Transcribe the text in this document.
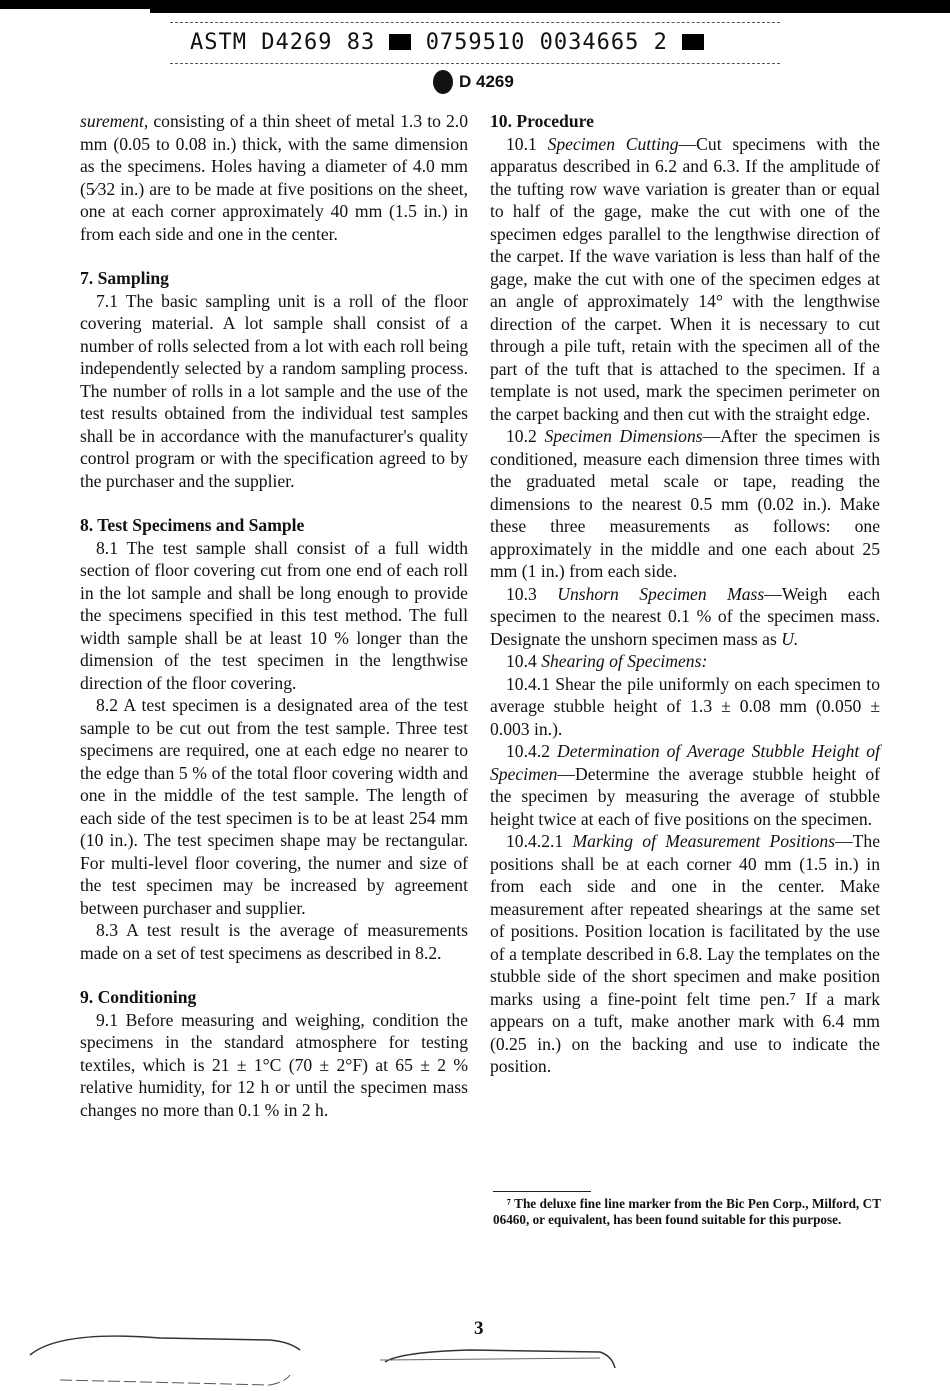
ASTM D4269 83 0759510 0034665 2
D 4269

surement, consisting of a thin sheet of metal 1.3 to 2.0 mm (0.05 to 0.08 in.) thick, with the same dimension as the specimens. Holes having a diameter of 4.0 mm (5⁄32 in.) are to be made at five positions on the sheet, one at each corner approximately 40 mm (1.5 in.) in from each side and one in the center.

7. Sampling

7.1 The basic sampling unit is a roll of the floor covering material. A lot sample shall consist of a number of rolls selected from a lot with each roll being independently selected by a random sampling process. The number of rolls in a lot sample and the use of the test results obtained from the individual test samples shall be in accordance with the manufacturer's quality control program or with the specification agreed to by the purchaser and the supplier.

8. Test Specimens and Sample

8.1 The test sample shall consist of a full width section of floor covering cut from one end of each roll in the lot sample and shall be long enough to provide the specimens specified in this test method. The full width sample shall be at least 10 % longer than the dimension of the test specimen in the lengthwise direction of the floor covering.

8.2 A test specimen is a designated area of the test sample to be cut out from the test sample. Three test specimens are required, one at each edge no nearer to the edge than 5 % of the total floor covering width and one in the middle of the test sample. The length of each side of the test specimen is to be at least 254 mm (10 in.). The test specimen shape may be rectangular. For multi-level floor covering, the numer and size of the test specimen may be increased by agreement between purchaser and supplier.

8.3 A test result is the average of measurements made on a set of test specimens as described in 8.2.

9. Conditioning

9.1 Before measuring and weighing, condition the specimens in the standard atmosphere for testing textiles, which is 21 ± 1°C (70 ± 2°F) at 65 ± 2 % relative humidity, for 12 h or until the specimen mass changes no more than 0.1 % in 2 h.

10. Procedure

10.1 Specimen Cutting—Cut specimens with the apparatus described in 6.2 and 6.3. If the amplitude of the tufting row wave variation is greater than or equal to half of the gage, make the cut with one of the specimen edges parallel to the lengthwise direction of the carpet. If the wave variation is less than half of the gage, make the cut with one of the specimen edges at an angle of approximately 14° with the lengthwise direction of the carpet. When it is necessary to cut through a pile tuft, retain with the specimen all of the part of the tuft that is attached to the specimen. If a template is not used, mark the specimen perimeter on the carpet backing and then cut with the straight edge.

10.2 Specimen Dimensions—After the specimen is conditioned, measure each dimension three times with the graduated metal scale or tape, reading the dimensions to the nearest 0.5 mm (0.02 in.). Make these three measurements as follows: one approximately in the middle and one each about 25 mm (1 in.) from each side.

10.3 Unshorn Specimen Mass—Weigh each specimen to the nearest 0.1 % of the specimen mass. Designate the unshorn specimen mass as U.

10.4 Shearing of Specimens:

10.4.1 Shear the pile uniformly on each specimen to average stubble height of 1.3 ± 0.08 mm (0.050 ± 0.003 in.).

10.4.2 Determination of Average Stubble Height of Specimen—Determine the average stubble height of the specimen by measuring the average of stubble height twice at each of five positions on the specimen.

10.4.2.1 Marking of Measurement Positions—The positions shall be at each corner 40 mm (1.5 in.) in from each side and one in the center. Make measurement after repeated shearings at the same set of positions. Position location is facilitated by the use of a template described in 6.8. Lay the templates on the stubble side of the short specimen and make position marks using a fine-point felt time pen.⁷ If a mark appears on a tuft, make another mark with 6.4 mm (0.25 in.) on the backing and use to indicate the position.

⁷ The deluxe fine line marker from the Bic Pen Corp., Milford, CT 06460, or equivalent, has been found suitable for this purpose.
3
